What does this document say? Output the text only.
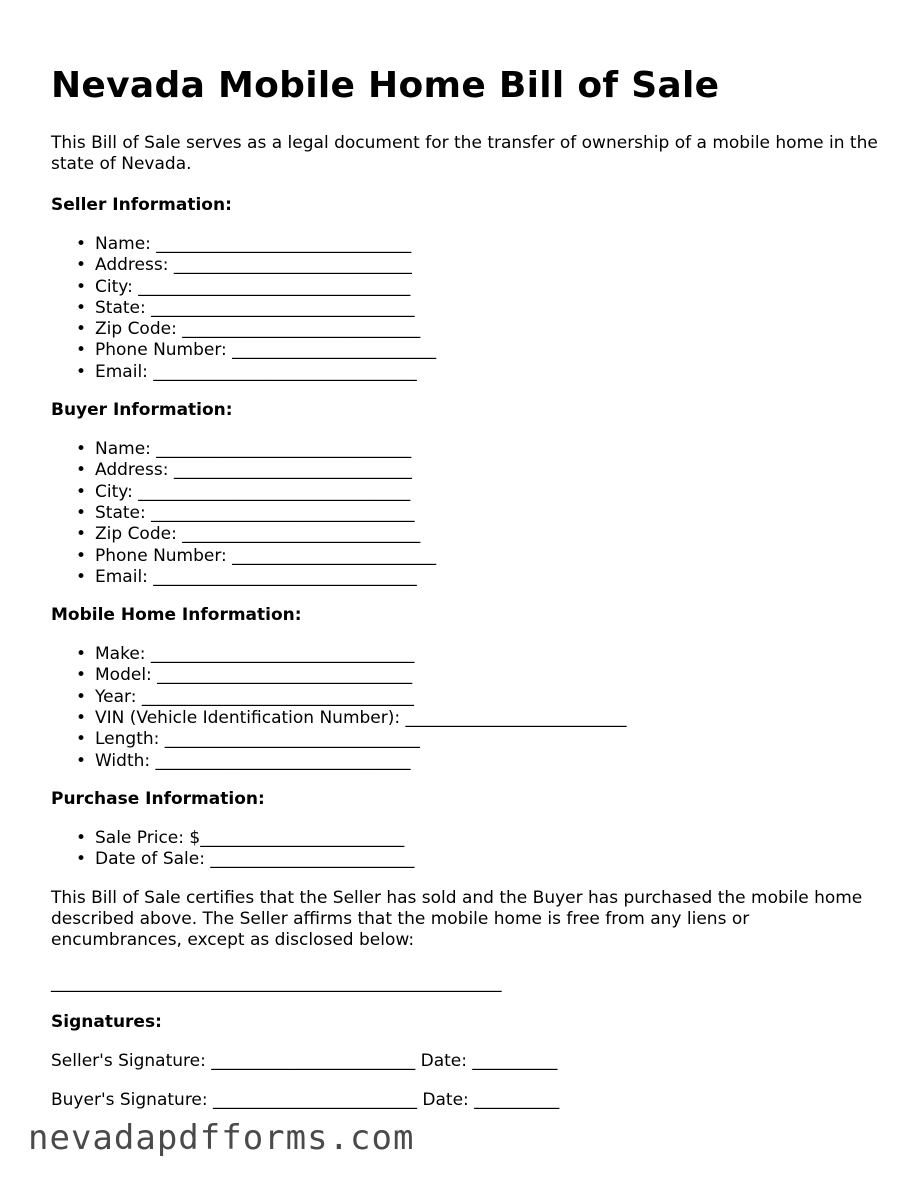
Nevada Mobile Home Bill of Sale

This Bill of Sale serves as a legal document for the transfer of ownership of a mobile home in the state of Nevada.

Seller Information:
• Name: ______________________________
• Address: ____________________________
• City: ________________________________
• State: _______________________________
• Zip Code: ____________________________
• Phone Number: ________________________
• Email: _______________________________
Buyer Information:
• Name: ______________________________
• Address: ____________________________
• City: ________________________________
• State: _______________________________
• Zip Code: ____________________________
• Phone Number: ________________________
• Email: _______________________________
Mobile Home Information:
• Make: _______________________________
• Model: ______________________________
• Year: ________________________________
• VIN (Vehicle Identification Number): __________________________
• Length: ______________________________
• Width: ______________________________
Purchase Information:
• Sale Price: $________________________
• Date of Sale: ________________________

This Bill of Sale certifies that the Seller has sold and the Buyer has purchased the mobile home described above. The Seller affirms that the mobile home is free from any liens or encumbrances, except as disclosed below:

_____________________________________________________
Signatures:
Seller's Signature: ________________________ Date: __________
Buyer's Signature: ________________________ Date: __________
nevadapdfforms.com
